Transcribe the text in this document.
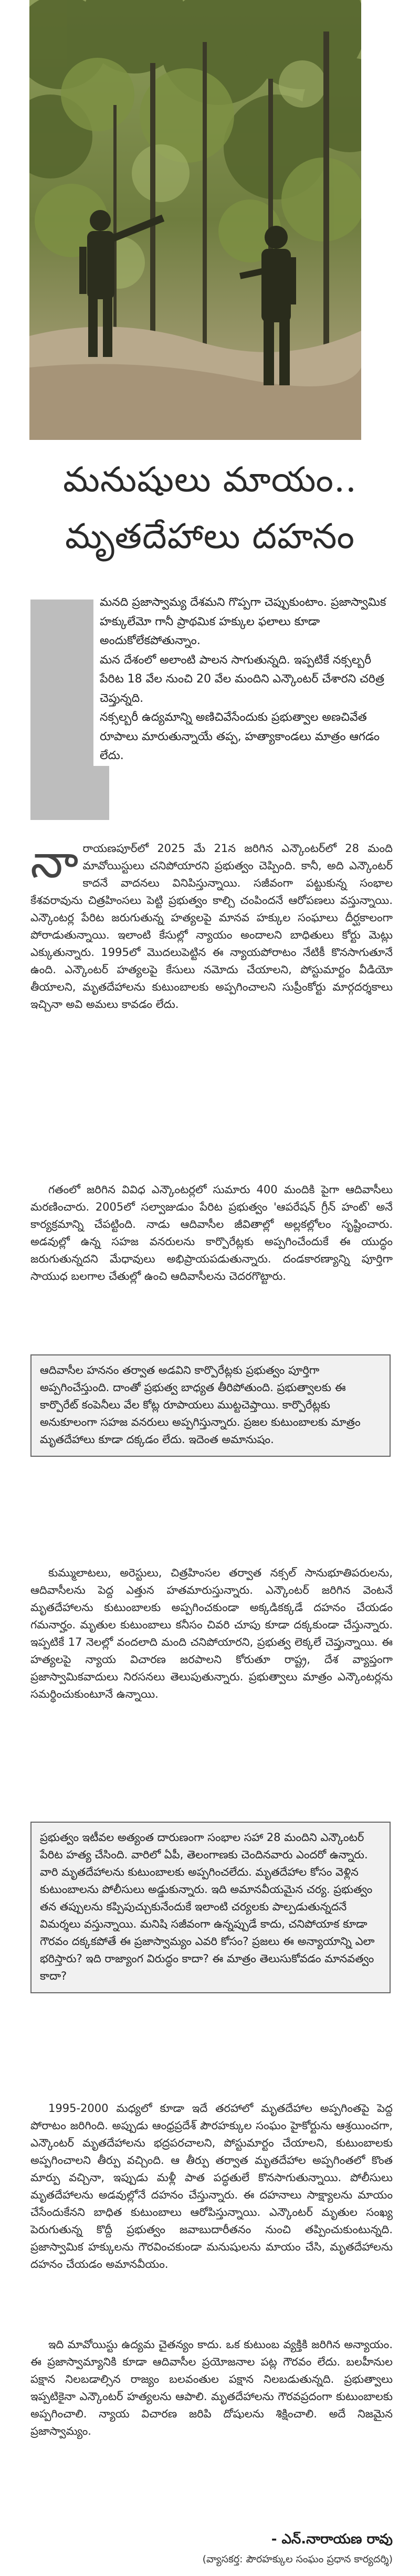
మనుషులు మాయం..
మృతదేహాలు దహనం

మనది ప్రజాస్వామ్య దేశమని గొప్పగా చెప్పుకుంటాం. ప్రజాస్వామిక హక్కులేమో గానీ ప్రాథమిక హక్కుల ఫలాలు కూడా అందుకోలేకపోతున్నాం.

మన దేశంలో అలాంటి పాలన సాగుతున్నది. ఇప్పటికే నక్సల్బరీ పేరిట 18 వేల నుంచి 20 వేల మందిని ఎన్కౌంటర్ చేశారని చరిత్ర చెప్తున్నది.

నక్సల్బరీ ఉద్యమాన్ని అణిచివేసేందుకు ప్రభుత్వాల అణచివేత రూపాలు మారుతున్నాయే తప్ప, హత్యాకాండలు మాత్రం ఆగడం లేదు.

నారాయణపూర్‌లో 2025 మే 21న జరిగిన ఎన్కౌంటర్‌లో 28 మంది మావోయిస్టులు చనిపోయారని ప్రభుత్వం చెప్పింది. కానీ, అది ఎన్కౌంటర్ కాదనే వాదనలు వినిపిస్తున్నాయి. సజీవంగా పట్టుకున్న సంభాల కేశవరావును చిత్రహింసలు పెట్టి ప్రభుత్వం కాల్చి చంపిందనే ఆరోపణలు వస్తున్నాయి. ఎన్కౌంటర్ల పేరిట జరుగుతున్న హత్యలపై మానవ హక్కుల సంఘాలు దీర్ఘకాలంగా పోరాడుతున్నాయి. ఇలాంటి కేసుల్లో న్యాయం అందాలని బాధితులు కోర్టు మెట్లు ఎక్కుతున్నారు. 1995లో మొదలుపెట్టిన ఈ న్యాయపోరాటం నేటికీ కొనసాగుతూనే ఉంది. ఎన్కౌంటర్ హత్యలపై కేసులు నమోదు చేయాలని, పోస్టుమార్టం వీడియో తీయాలని, మృతదేహాలను కుటుంబాలకు అప్పగించాలని సుప్రీంకోర్టు మార్గదర్శకాలు ఇచ్చినా అవి అమలు కావడం లేదు.

గతంలో జరిగిన వివిధ ఎన్కౌంటర్లలో సుమారు 400 మందికి పైగా ఆదివాసీలు మరణించారు. 2005లో సల్వాజుడుం పేరిట ప్రభుత్వం 'ఆపరేషన్ గ్రీన్ హంట్' అనే కార్యక్రమాన్ని చేపట్టింది. నాడు ఆదివాసీల జీవితాల్లో అల్లకల్లోలం సృష్టించారు. అడవుల్లో ఉన్న సహజ వనరులను కార్పొరేట్లకు అప్పగించేందుకే ఈ యుద్ధం జరుగుతున్నదని మేధావులు అభిప్రాయపడుతున్నారు. దండకారణ్యాన్ని పూర్తిగా సాయుధ బలగాల చేతుల్లో ఉంచి ఆదివాసీలను చెదరగొట్టారు.

ఆదివాసీల హననం తర్వాత అడవిని కార్పొరేట్లకు ప్రభుత్వం పూర్తిగా అప్పగించేస్తుంది. దాంతో ప్రభుత్వ బాధ్యత తీరిపోతుంది. ప్రభుత్వాలకు ఈ కార్పొరేట్ కంపెనీలు వేల కోట్ల రూపాయలు ముట్టచెప్తాయి. కార్పొరేట్లకు అనుకూలంగా సహజ వనరులు అప్పగిస్తున్నారు. ప్రజల కుటుంబాలకు మాత్రం మృతదేహాలు కూడా దక్కడం లేదు. ఇదెంత అమానుషం.

కుమ్ములాటలు, అరెస్టులు, చిత్రహింసల తర్వాత నక్సల్ సానుభూతిపరులను, ఆదివాసీలను పెద్ద ఎత్తున హతమారుస్తున్నారు. ఎన్కౌంటర్ జరిగిన వెంటనే మృతదేహాలను కుటుంబాలకు అప్పగించకుండా అక్కడికక్కడే దహనం చేయడం గమనార్హం. మృతుల కుటుంబాలు కనీసం చివరి చూపు కూడా దక్కకుండా చేస్తున్నారు. ఇప్పటికే 17 నెలల్లో వందలాది మంది చనిపోయారని, ప్రభుత్వ లెక్కలే చెప్తున్నాయి. ఈ హత్యలపై న్యాయ విచారణ జరపాలని కోరుతూ రాష్ట్ర, దేశ వ్యాప్తంగా ప్రజాస్వామికవాదులు నిరసనలు తెలుపుతున్నారు. ప్రభుత్వాలు మాత్రం ఎన్కౌంటర్లను సమర్థించుకుంటూనే ఉన్నాయి.

ప్రభుత్వం ఇటీవల అత్యంత దారుణంగా సంభాల సహా 28 మందిని ఎన్కౌంటర్ పేరిట హత్య చేసింది. వారిలో ఏపీ, తెలంగాణకు చెందినవారు ఎందరో ఉన్నారు. వారి మృతదేహాలను కుటుంబాలకు అప్పగించలేదు. మృతదేహాల కోసం వెళ్లిన కుటుంబాలను పోలీసులు అడ్డుకున్నారు. ఇది అమానవీయమైన చర్య. ప్రభుత్వం తన తప్పులను కప్పిపుచ్చుకునేందుకే ఇలాంటి చర్యలకు పాల్పడుతున్నదనే విమర్శలు వస్తున్నాయి. మనిషి సజీవంగా ఉన్నప్పుడే కాదు, చనిపోయాక కూడా గౌరవం దక్కకపోతే ఈ ప్రజాస్వామ్యం ఎవరి కోసం? ప్రజలు ఈ అన్యాయాన్ని ఎలా భరిస్తారు? ఇది రాజ్యాంగ విరుద్ధం కాదా? ఈ మాత్రం తెలుసుకోవడం మానవత్వం కాదా?

1995-2000 మధ్యలో కూడా ఇదే తరహాలో మృతదేహాల అప్పగింతపై పెద్ద పోరాటం జరిగింది. అప్పుడు ఆంధ్రప్రదేశ్ పౌరహక్కుల సంఘం హైకోర్టును ఆశ్రయించగా, ఎన్కౌంటర్ మృతదేహాలను భద్రపరచాలని, పోస్టుమార్టం చేయాలని, కుటుంబాలకు అప్పగించాలని తీర్పు వచ్చింది. ఆ తీర్పు తర్వాత మృతదేహాల అప్పగింతలో కొంత మార్పు వచ్చినా, ఇప్పుడు మళ్లీ పాత పద్ధతులే కొనసాగుతున్నాయి. పోలీసులు మృతదేహాలను అడవుల్లోనే దహనం చేస్తున్నారు. ఈ దహనాలు సాక్ష్యాలను మాయం చేసేందుకేనని బాధిత కుటుంబాలు ఆరోపిస్తున్నాయి. ఎన్కౌంటర్ మృతుల సంఖ్య పెరుగుతున్న కొద్దీ ప్రభుత్వం జవాబుదారీతనం నుంచి తప్పించుకుంటున్నది. ప్రజాస్వామిక హక్కులను గౌరవించకుండా మనుషులను మాయం చేసి, మృతదేహాలను దహనం చేయడం అమానవీయం.

ఇది మావోయిస్టు ఉద్యమ చైతన్యం కాదు. ఒక కుటుంబ వ్యక్తికి జరిగిన అన్యాయం. ఈ ప్రజాస్వామ్యానికి కూడా ఆదివాసీల ప్రయోజనాల పట్ల గౌరవం లేదు. బలహీనుల పక్షాన నిలబడాల్సిన రాజ్యం బలవంతుల పక్షాన నిలబడుతున్నది. ప్రభుత్వాలు ఇప్పటికైనా ఎన్కౌంటర్ హత్యలను ఆపాలి. మృతదేహాలను గౌరవప్రదంగా కుటుంబాలకు అప్పగించాలి. న్యాయ విచారణ జరిపి దోషులను శిక్షించాలి. అదే నిజమైన ప్రజాస్వామ్యం.

- ఎన్.నారాయణ రావు
(వ్యాసకర్త: పౌరహక్కుల సంఘం ప్రధాన కార్యదర్శి)
